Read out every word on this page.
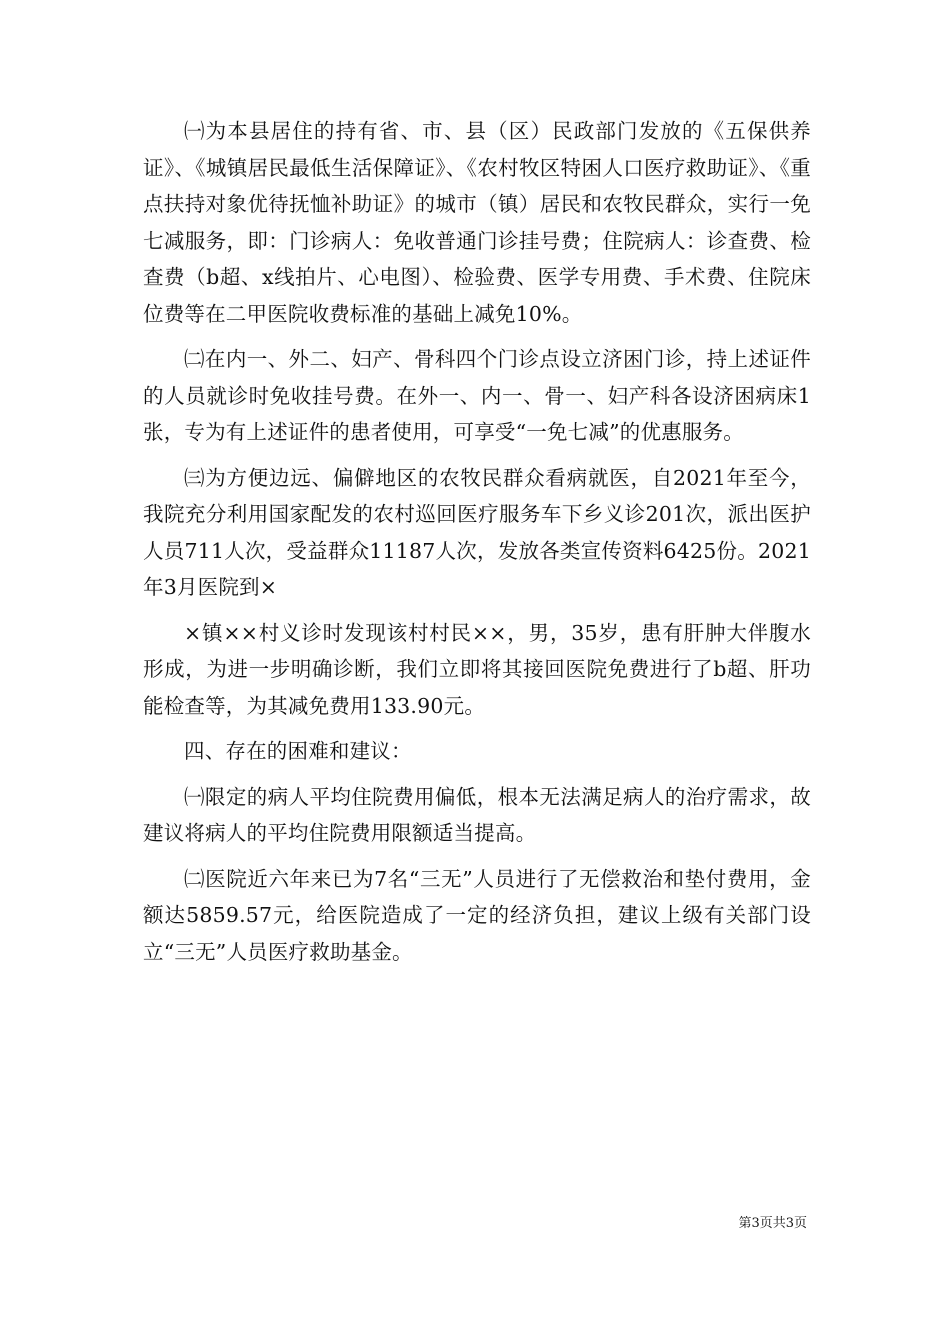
㈠为本县居住的持有省、市、县（区）民政部门发放的《五保供养证》、《城镇居民最低生活保障证》、《农村牧区特困人口医疗救助证》、《重点扶持对象优待抚恤补助证》的城市（镇）居民和农牧民群众，实行一免七减服务，即：门诊病人：免收普通门诊挂号费；住院病人：诊查费、检查费（b超、x线拍片、心电图）、检验费、医学专用费、手术费、住院床位费等在二甲医院收费标准的基础上减免10%。

㈡在内一、外二、妇产、骨科四个门诊点设立济困门诊，持上述证件的人员就诊时免收挂号费。在外一、内一、骨一、妇产科各设济困病床1张，专为有上述证件的患者使用，可享受“一免七减”的优惠服务。

㈢为方便边远、偏僻地区的农牧民群众看病就医，自2021年至今，我院充分利用国家配发的农村巡回医疗服务车下乡义诊201次，派出医护人员711人次，受益群众11187人次，发放各类宣传资料6425份。2021年3月医院到×

×镇××村义诊时发现该村村民××，男，35岁，患有肝肿大伴腹水形成，为进一步明确诊断，我们立即将其接回医院免费进行了b超、肝功能检查等，为其减免费用133.90元。

四、存在的困难和建议：

㈠限定的病人平均住院费用偏低，根本无法满足病人的治疗需求，故建议将病人的平均住院费用限额适当提高。

㈡医院近六年来已为7名“三无”人员进行了无偿救治和垫付费用，金额达5859.57元，给医院造成了一定的经济负担，建议上级有关部门设立“三无”人员医疗救助基金。

第3页共3页
